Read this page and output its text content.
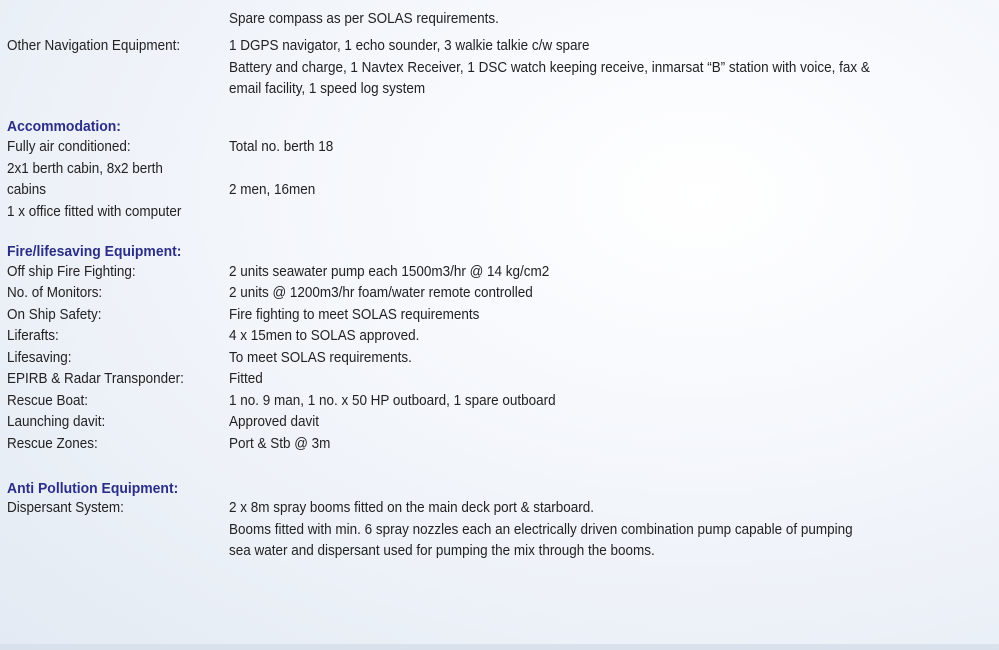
Spare compass as per SOLAS requirements.
Other Navigation Equipment:	1 DGPS navigator, 1 echo sounder, 3 walkie talkie c/w spare
Battery and charge, 1 Navtex Receiver, 1 DSC watch keeping receive, inmarsat “B” station with voice, fax &
email facility, 1 speed log system
Accommodation:
Fully air conditioned:	Total no. berth 18
2x1 berth cabin, 8x2 berth
cabins	2 men, 16men
1 x office fitted with computer
Fire/lifesaving Equipment:
Off ship Fire Fighting:	2 units seawater pump each 1500m3/hr @ 14 kg/cm2
No. of Monitors:	2 units @ 1200m3/hr foam/water remote controlled
On Ship Safety:	Fire fighting to meet SOLAS requirements
Liferafts:	4 x 15men to SOLAS approved.
Lifesaving:	To meet SOLAS requirements.
EPIRB & Radar Transponder:	Fitted
Rescue Boat:	1 no. 9 man, 1 no. x 50 HP outboard, 1 spare outboard
Launching davit:	Approved davit
Rescue Zones:	Port & Stb @ 3m
Anti Pollution Equipment:
Dispersant System:	2 x 8m spray booms fitted on the main deck port & starboard.
Booms fitted with min. 6 spray nozzles each an electrically driven combination pump capable of pumping
sea water and dispersant used for pumping the mix through the booms.
